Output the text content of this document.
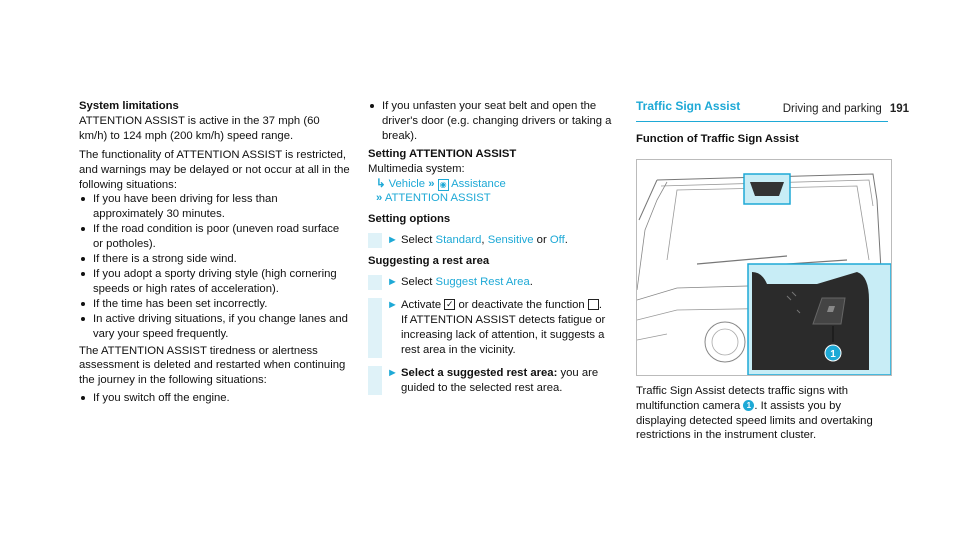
Driving and parking 191

System limitations

ATTENTION ASSIST is active in the 37 mph (60 km/h) to 124 mph (200 km/h) speed range.

The functionality of ATTENTION ASSIST is restricted, and warnings may be delayed or not occur at all in the following situations:

If you have been driving for less than approximately 30 minutes.
If the road condition is poor (uneven road surface or potholes).
If there is a strong side wind.
If you adopt a sporty driving style (high cornering speeds or high rates of acceleration).
If the time has been set incorrectly.
In active driving situations, if you change lanes and vary your speed frequently.

The ATTENTION ASSIST tiredness or alertness assessment is deleted and restarted when continuing the journey in the following situations:

If you switch off the engine.
If you unfasten your seat belt and open the driver's door (e.g. changing drivers or taking a break).

Setting ATTENTION ASSIST

Multimedia system:

↳ Vehicle » ◉ Assistance

» ATTENTION ASSIST

Setting options

► Select Standard, Sensitive or Off.

Suggesting a rest area

► Select Suggest Rest Area.
► Activate ✓ or deactivate the function .
If ATTENTION ASSIST detects fatigue or increasing lack of attention, it suggests a rest area in the vicinity.
► Select a suggested rest area: you are guided to the selected rest area.
Traffic Sign Assist

Function of Traffic Sign Assist

1

Traffic Sign Assist detects traffic signs with multifunction camera 1 . It assists you by displaying detected speed limits and overtaking restrictions in the instrument cluster.
